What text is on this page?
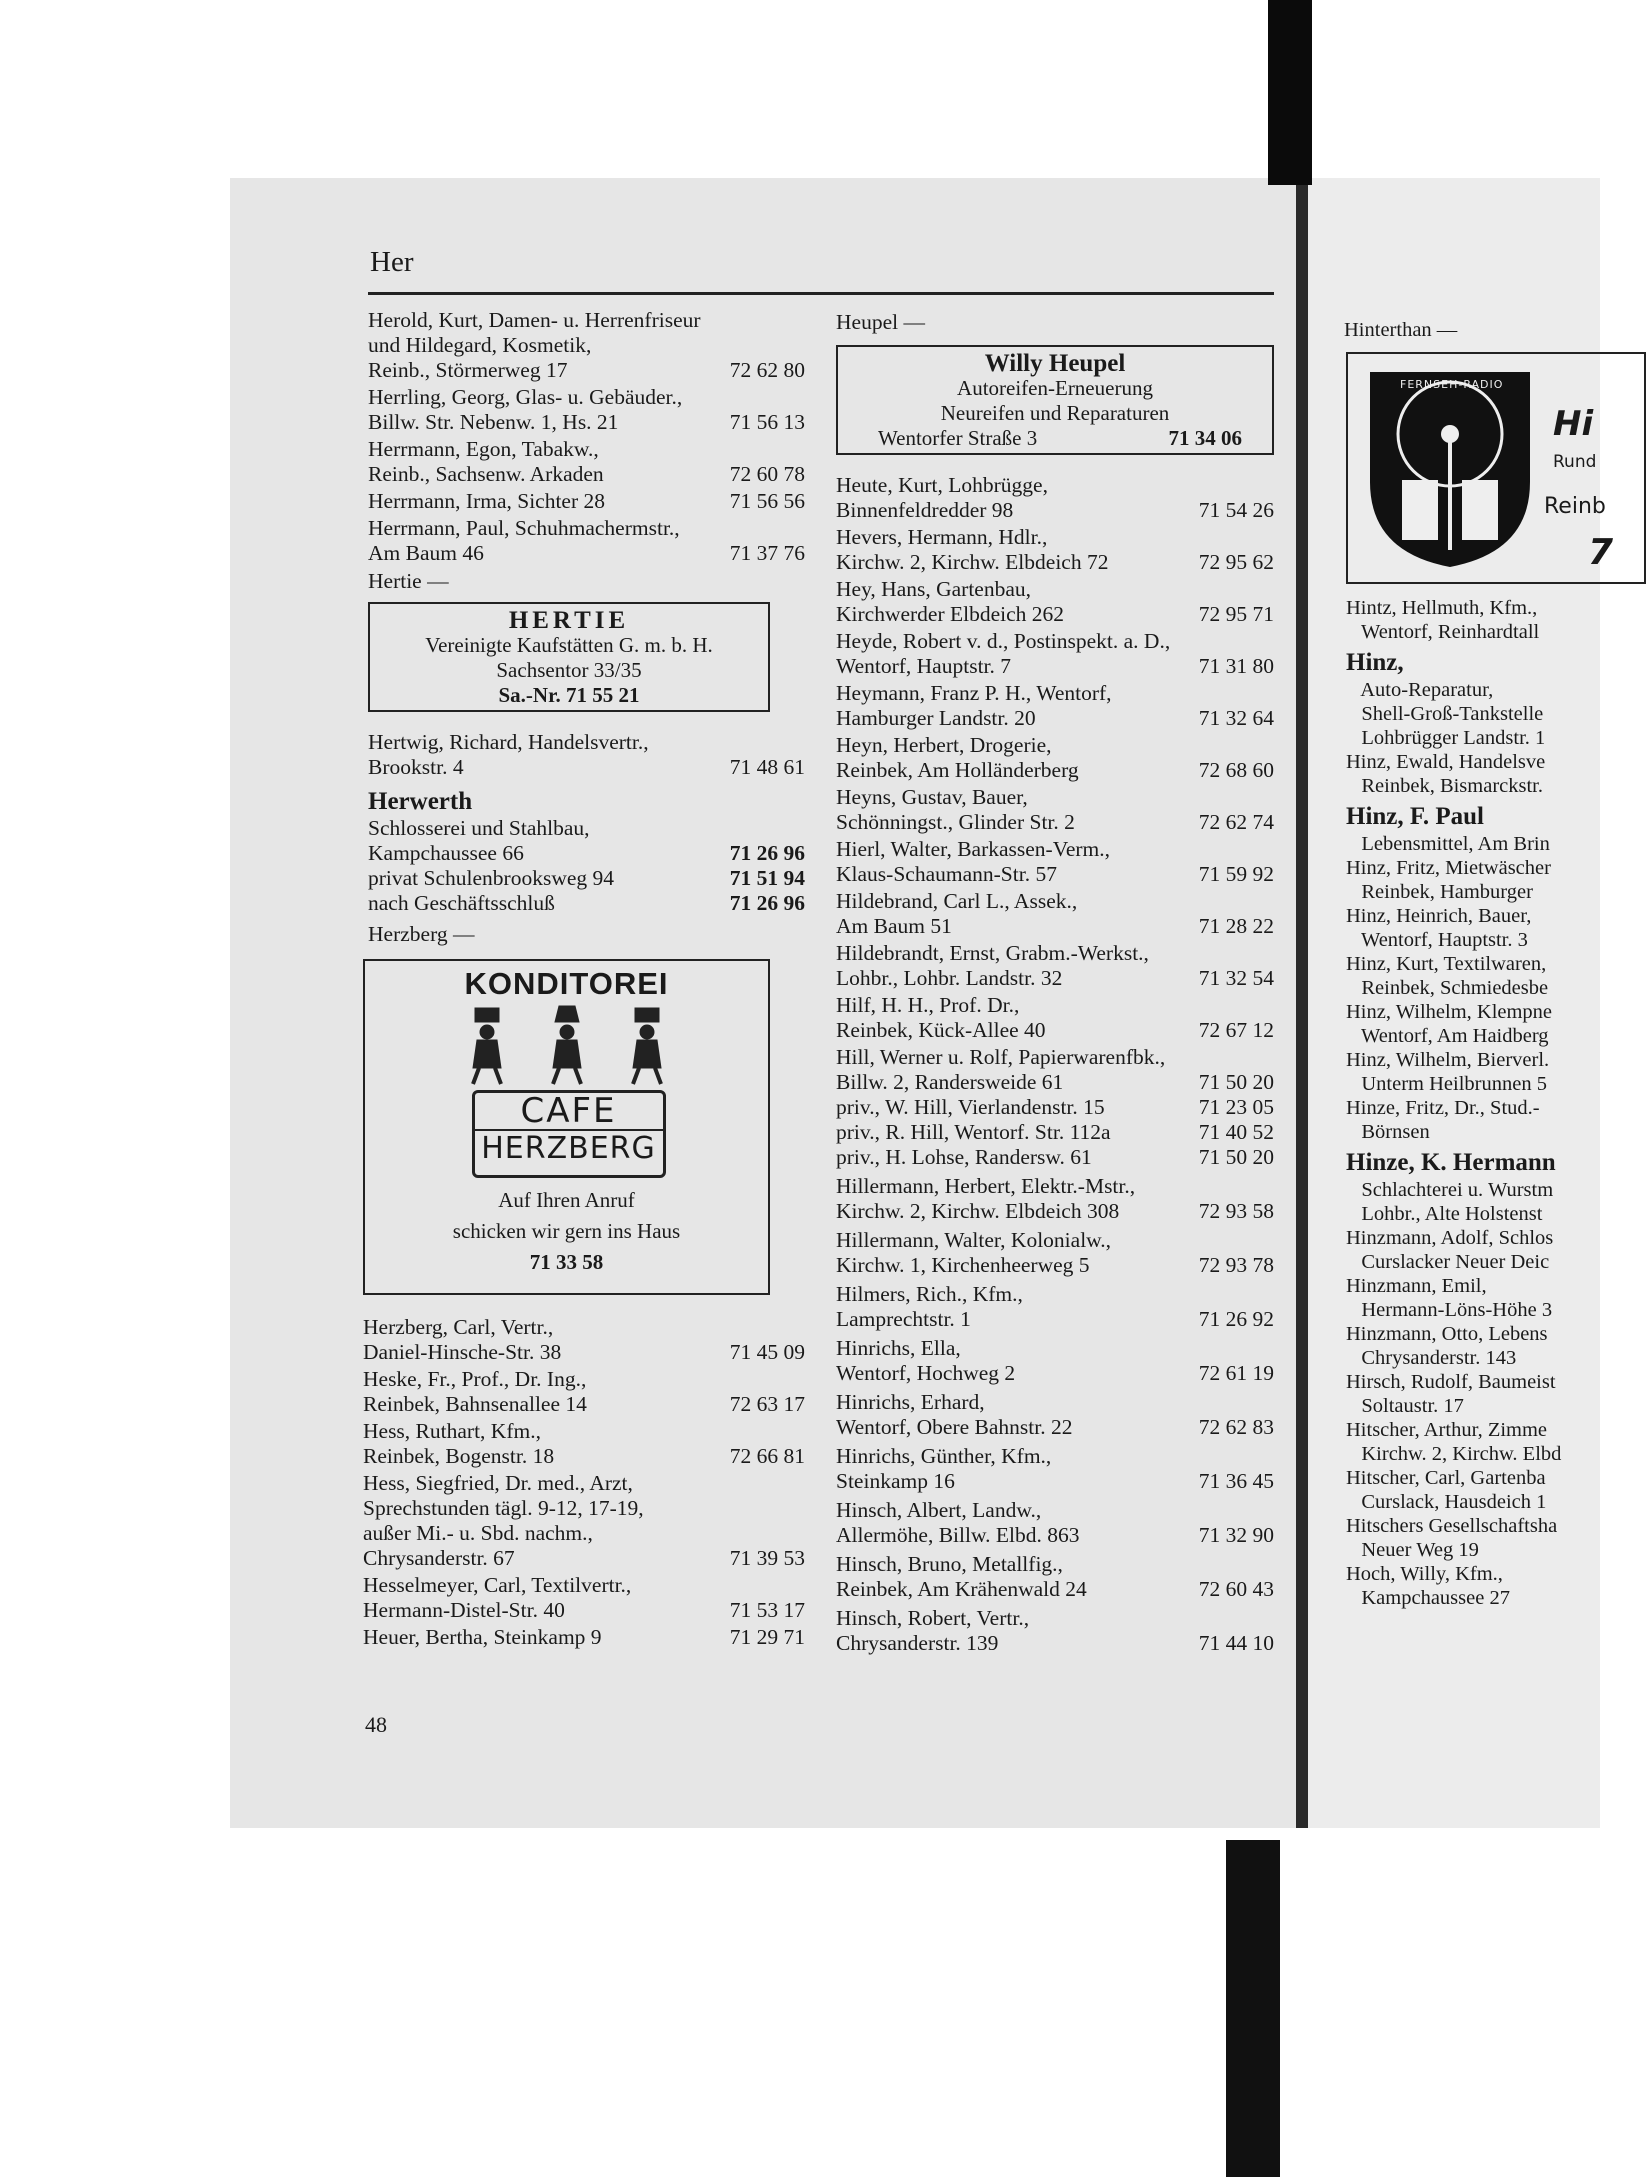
Her
Herold, Kurt, Damen- u. Herrenfriseur
und Hildegard, Kosmetik,
Reinb., Störmerweg 17	72 62 80
Herrling, Georg, Glas- u. Gebäuder.,
Billw. Str. Nebenw. 1, Hs. 21	71 56 13
Herrmann, Egon, Tabakw.,
Reinb., Sachsenw. Arkaden	72 60 78
Herrmann, Irma, Sichter 28	71 56 56
Herrmann, Paul, Schuhmachermstr.,
Am Baum 46	71 37 76
Hertie —
HERTIE
Vereinigte Kaufstätten G. m. b. H.
Sachsentor 33/35
Sa.-Nr. 71 55 21
Hertwig, Richard, Handelsvertr.,
Brookstr. 4	71 48 61
Herwerth
Schlosserei und Stahlbau,
Kampchaussee 66	71 26 96
privat Schulenbrooksweg 94	71 51 94
nach Geschäftsschluß	71 26 96
Herzberg —
KONDITOREI
CAFE
HERZBERG
Auf Ihren Anruf
schicken wir gern ins Haus
71 33 58
Herzberg, Carl, Vertr.,
Daniel-Hinsche-Str. 38	71 45 09
Heske, Fr., Prof., Dr. Ing.,
Reinbek, Bahnsenallee 14	72 63 17
Hess, Ruthart, Kfm.,
Reinbek, Bogenstr. 18	72 66 81
Hess, Siegfried, Dr. med., Arzt,
Sprechstunden tägl. 9-12, 17-19,
außer Mi.- u. Sbd. nachm.,
Chrysanderstr. 67	71 39 53
Hesselmeyer, Carl, Textilvertr.,
Hermann-Distel-Str. 40	71 53 17
Heuer, Bertha, Steinkamp 9	71 29 71
Heupel —
Willy Heupel
Autoreifen-Erneuerung
Neureifen und Reparaturen
Wentorfer Straße 3	71 34 06
Heute, Kurt, Lohbrügge,
Binnenfeldredder 98	71 54 26
Hevers, Hermann, Hdlr.,
Kirchw. 2, Kirchw. Elbdeich 72	72 95 62
Hey, Hans, Gartenbau,
Kirchwerder Elbdeich 262	72 95 71
Heyde, Robert v. d., Postinspekt. a. D.,
Wentorf, Hauptstr. 7	71 31 80
Heymann, Franz P. H., Wentorf,
Hamburger Landstr. 20	71 32 64
Heyn, Herbert, Drogerie,
Reinbek, Am Holländerberg	72 68 60
Heyns, Gustav, Bauer,
Schönningst., Glinder Str. 2	72 62 74
Hierl, Walter, Barkassen-Verm.,
Klaus-Schaumann-Str. 57	71 59 92
Hildebrand, Carl L., Assek.,
Am Baum 51	71 28 22
Hildebrandt, Ernst, Grabm.-Werkst.,
Lohbr., Lohbr. Landstr. 32	71 32 54
Hilf, H. H., Prof. Dr.,
Reinbek, Kück-Allee 40	72 67 12
Hill, Werner u. Rolf, Papierwarenfbk.,
Billw. 2, Randersweide 61	71 50 20
priv., W. Hill, Vierlandenstr. 15	71 23 05
priv., R. Hill, Wentorf. Str. 112a	71 40 52
priv., H. Lohse, Randersw. 61	71 50 20
Hillermann, Herbert, Elektr.-Mstr.,
Kirchw. 2, Kirchw. Elbdeich 308	72 93 58
Hillermann, Walter, Kolonialw.,
Kirchw. 1, Kirchenheerweg 5	72 93 78
Hilmers, Rich., Kfm.,
Lamprechtstr. 1	71 26 92
Hinrichs, Ella,
Wentorf, Hochweg 2	72 61 19
Hinrichs, Erhard,
Wentorf, Obere Bahnstr. 22	72 62 83
Hinrichs, Günther, Kfm.,
Steinkamp 16	71 36 45
Hinsch, Albert, Landw.,
Allermöhe, Billw. Elbd. 863	71 32 90
Hinsch, Bruno, Metallfig.,
Reinbek, Am Krähenwald 24	72 60 43
Hinsch, Robert, Vertr.,
Chrysanderstr. 139	71 44 10
Hinterthan —
FERNSEH-RADIO
Hi
Rund
Reinb
7
Hintz, Hellmuth, Kfm.,
Wentorf, Reinhardtall
Hinz,
Auto-Reparatur,
Shell-Groß-Tankstelle
Lohbrügger Landstr. 1
Hinz, Ewald, Handelsve
Reinbek, Bismarckstr.
Hinz, F. Paul
Lebensmittel, Am Brin
Hinz, Fritz, Mietwäscher
Reinbek, Hamburger
Hinz, Heinrich, Bauer,
Wentorf, Hauptstr. 3
Hinz, Kurt, Textilwaren,
Reinbek, Schmiedesbe
Hinz, Wilhelm, Klempne
Wentorf, Am Haidberg
Hinz, Wilhelm, Bierverl.
Unterm Heilbrunnen 5
Hinze, Fritz, Dr., Stud.-
Börnsen
Hinze, K. Hermann
Schlachterei u. Wurstm
Lohbr., Alte Holstenst
Hinzmann, Adolf, Schlos
Curslacker Neuer Deic
Hinzmann, Emil,
Hermann-Löns-Höhe 3
Hinzmann, Otto, Lebens
Chrysanderstr. 143
Hirsch, Rudolf, Baumeist
Soltaustr. 17
Hitscher, Arthur, Zimme
Kirchw. 2, Kirchw. Elbd
Hitscher, Carl, Gartenba
Curslack, Hausdeich 1
Hitschers Gesellschaftsha
Neuer Weg 19
Hoch, Willy, Kfm.,
Kampchaussee 27
48
